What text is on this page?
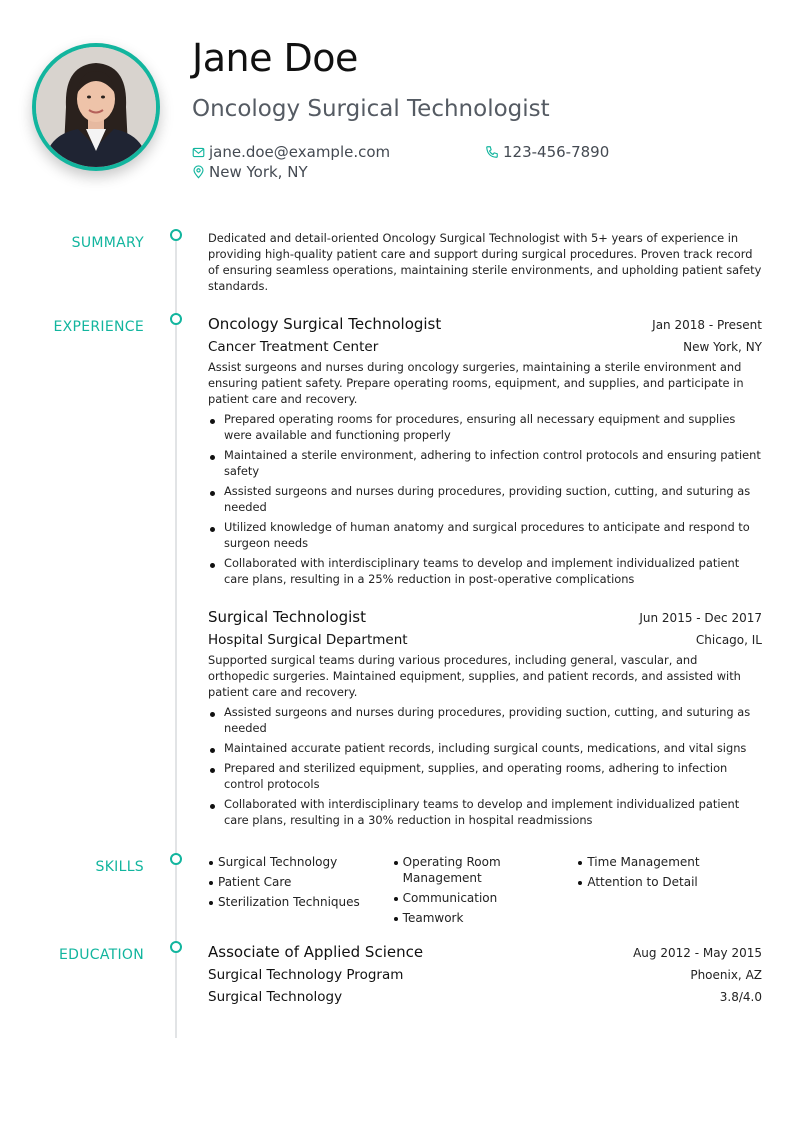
Jane Doe
Oncology Surgical Technologist
jane.doe@example.com	123-456-7890
New York, NY
SUMMARY	Dedicated and detail-oriented Oncology Surgical Technologist with 5+ years of experience in providing high-quality patient care and support during surgical procedures. Proven track record of ensuring seamless operations, maintaining sterile environments, and upholding patient safety standards.

EXPERIENCE	Oncology Surgical Technologist	Jan 2018 - Present
Cancer Treatment Center	New York, NY

Assist surgeons and nurses during oncology surgeries, maintaining a sterile environment and ensuring patient safety. Prepare operating rooms, equipment, and supplies, and participate in patient care and recovery.

Prepared operating rooms for procedures, ensuring all necessary equipment and supplies were available and functioning properly
Maintained a sterile environment, adhering to infection control protocols and ensuring patient safety
Assisted surgeons and nurses during procedures, providing suction, cutting, and suturing as needed
Utilized knowledge of human anatomy and surgical procedures to anticipate and respond to surgeon needs
Collaborated with interdisciplinary teams to develop and implement individualized patient care plans, resulting in a 25% reduction in post-operative complications
Surgical Technologist	Jun 2015 - Dec 2017
Hospital Surgical Department	Chicago, IL

Supported surgical teams during various procedures, including general, vascular, and orthopedic surgeries. Maintained equipment, supplies, and patient records, and assisted with patient care and recovery.

Assisted surgeons and nurses during procedures, providing suction, cutting, and suturing as needed
Maintained accurate patient records, including surgical counts, medications, and vital signs
Prepared and sterilized equipment, supplies, and operating rooms, adhering to infection control protocols
Collaborated with interdisciplinary teams to develop and implement individualized patient care plans, resulting in a 30% reduction in hospital readmissions
SKILLS	Surgical Technology
Patient Care
Sterilization Techniques
Operating Room Management
Communication
Teamwork
Time Management
Attention to Detail
EDUCATION	Associate of Applied Science	Aug 2012 - May 2015
Surgical Technology Program	Phoenix, AZ
Surgical Technology	3.8/4.0
